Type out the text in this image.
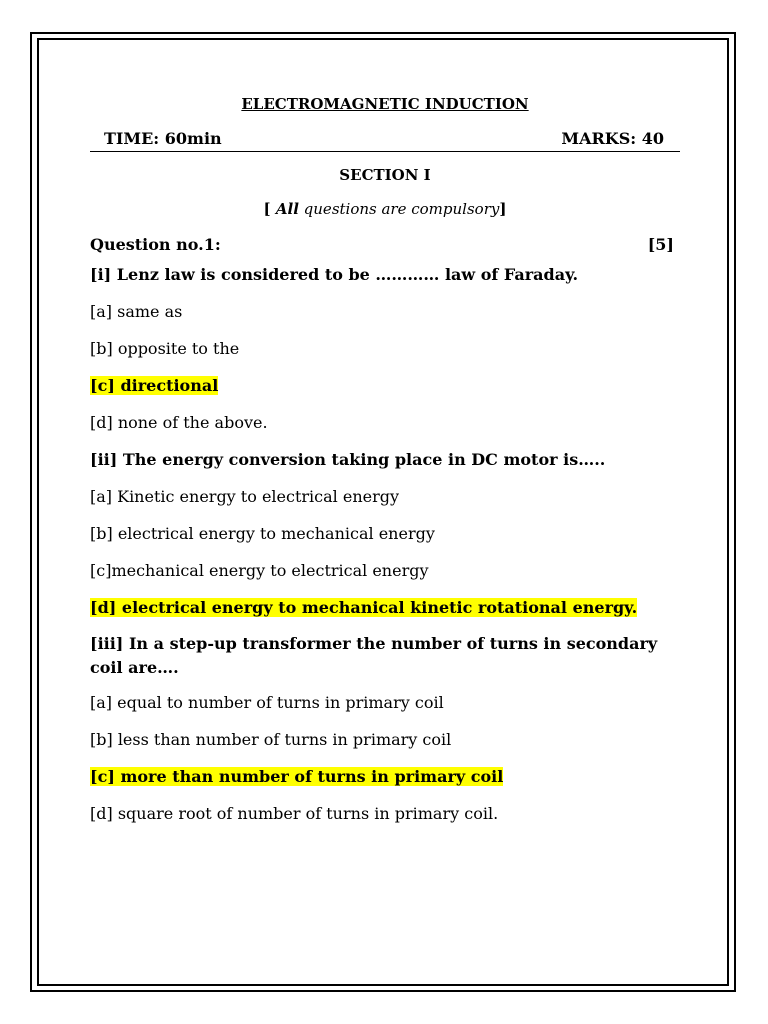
ELECTROMAGNETIC INDUCTION
TIME: 60min	MARKS: 40
SECTION I
[ All questions are compulsory]
Question no.1:	[5]
[i] Lenz law is considered to be ………… law of Faraday.
[a] same as
[b] opposite to the
[c] directional
[d] none of the above.
[ii] The energy conversion taking place in DC motor is…..
[a] Kinetic energy to electrical energy
[b] electrical energy to mechanical energy
[c]mechanical energy to electrical energy
[d] electrical energy to mechanical kinetic rotational energy.
[iii] In a step-up transformer the number of turns in secondary coil are….
[a] equal to number of turns in primary coil
[b] less than number of turns in primary coil
[c] more than number of turns in primary coil
[d] square root of number of turns in primary coil.
